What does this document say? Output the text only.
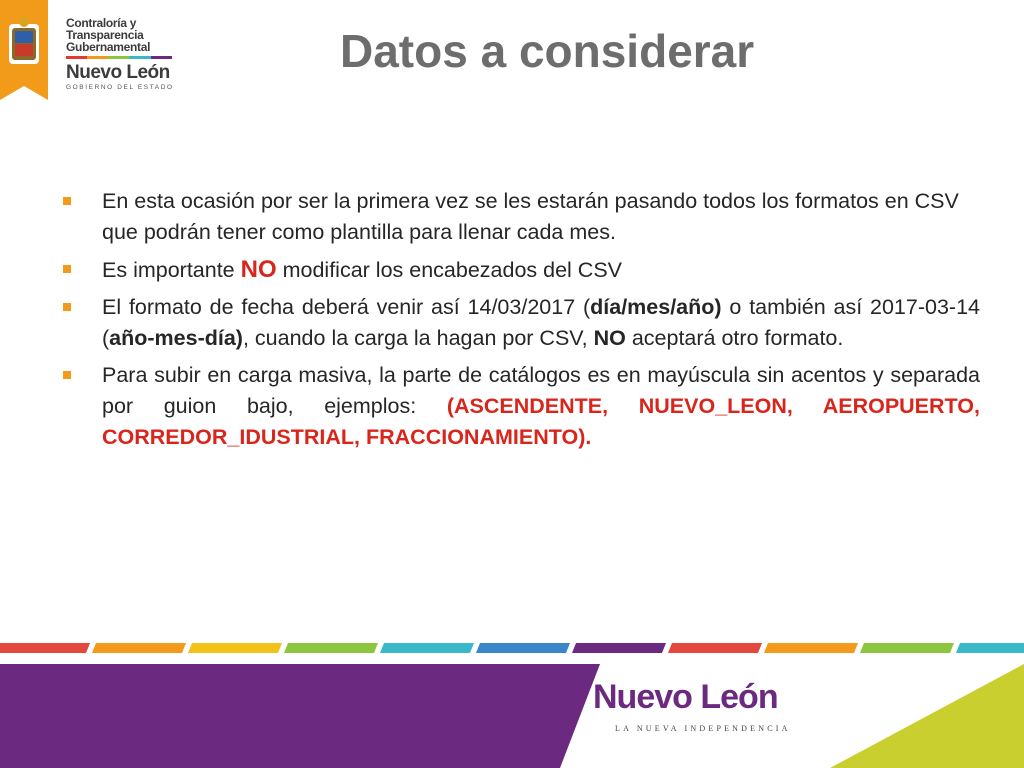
Contraloría y
Transparencia
Gubernamental
Nuevo León
GOBIERNO DEL ESTADO
Datos a considerar
En esta ocasión por ser la primera vez se les estarán pasando todos los formatos en CSV que podrán tener como plantilla para llenar cada mes.
Es importante NO modificar los encabezados del CSV
El formato de fecha deberá venir así 14/03/2017 (día/mes/año) o también así 2017-03-14 (año-mes-día), cuando la carga la hagan por CSV, NO aceptará otro formato.
Para subir en carga masiva, la parte de catálogos es en mayúscula sin acentos y separada por guion bajo, ejemplos: (ASCENDENTE, NUEVO_LEON, AEROPUERTO, CORREDOR_IDUSTRIAL, FRACCIONAMIENTO).
Nuevo León
LA NUEVA INDEPENDENCIA
